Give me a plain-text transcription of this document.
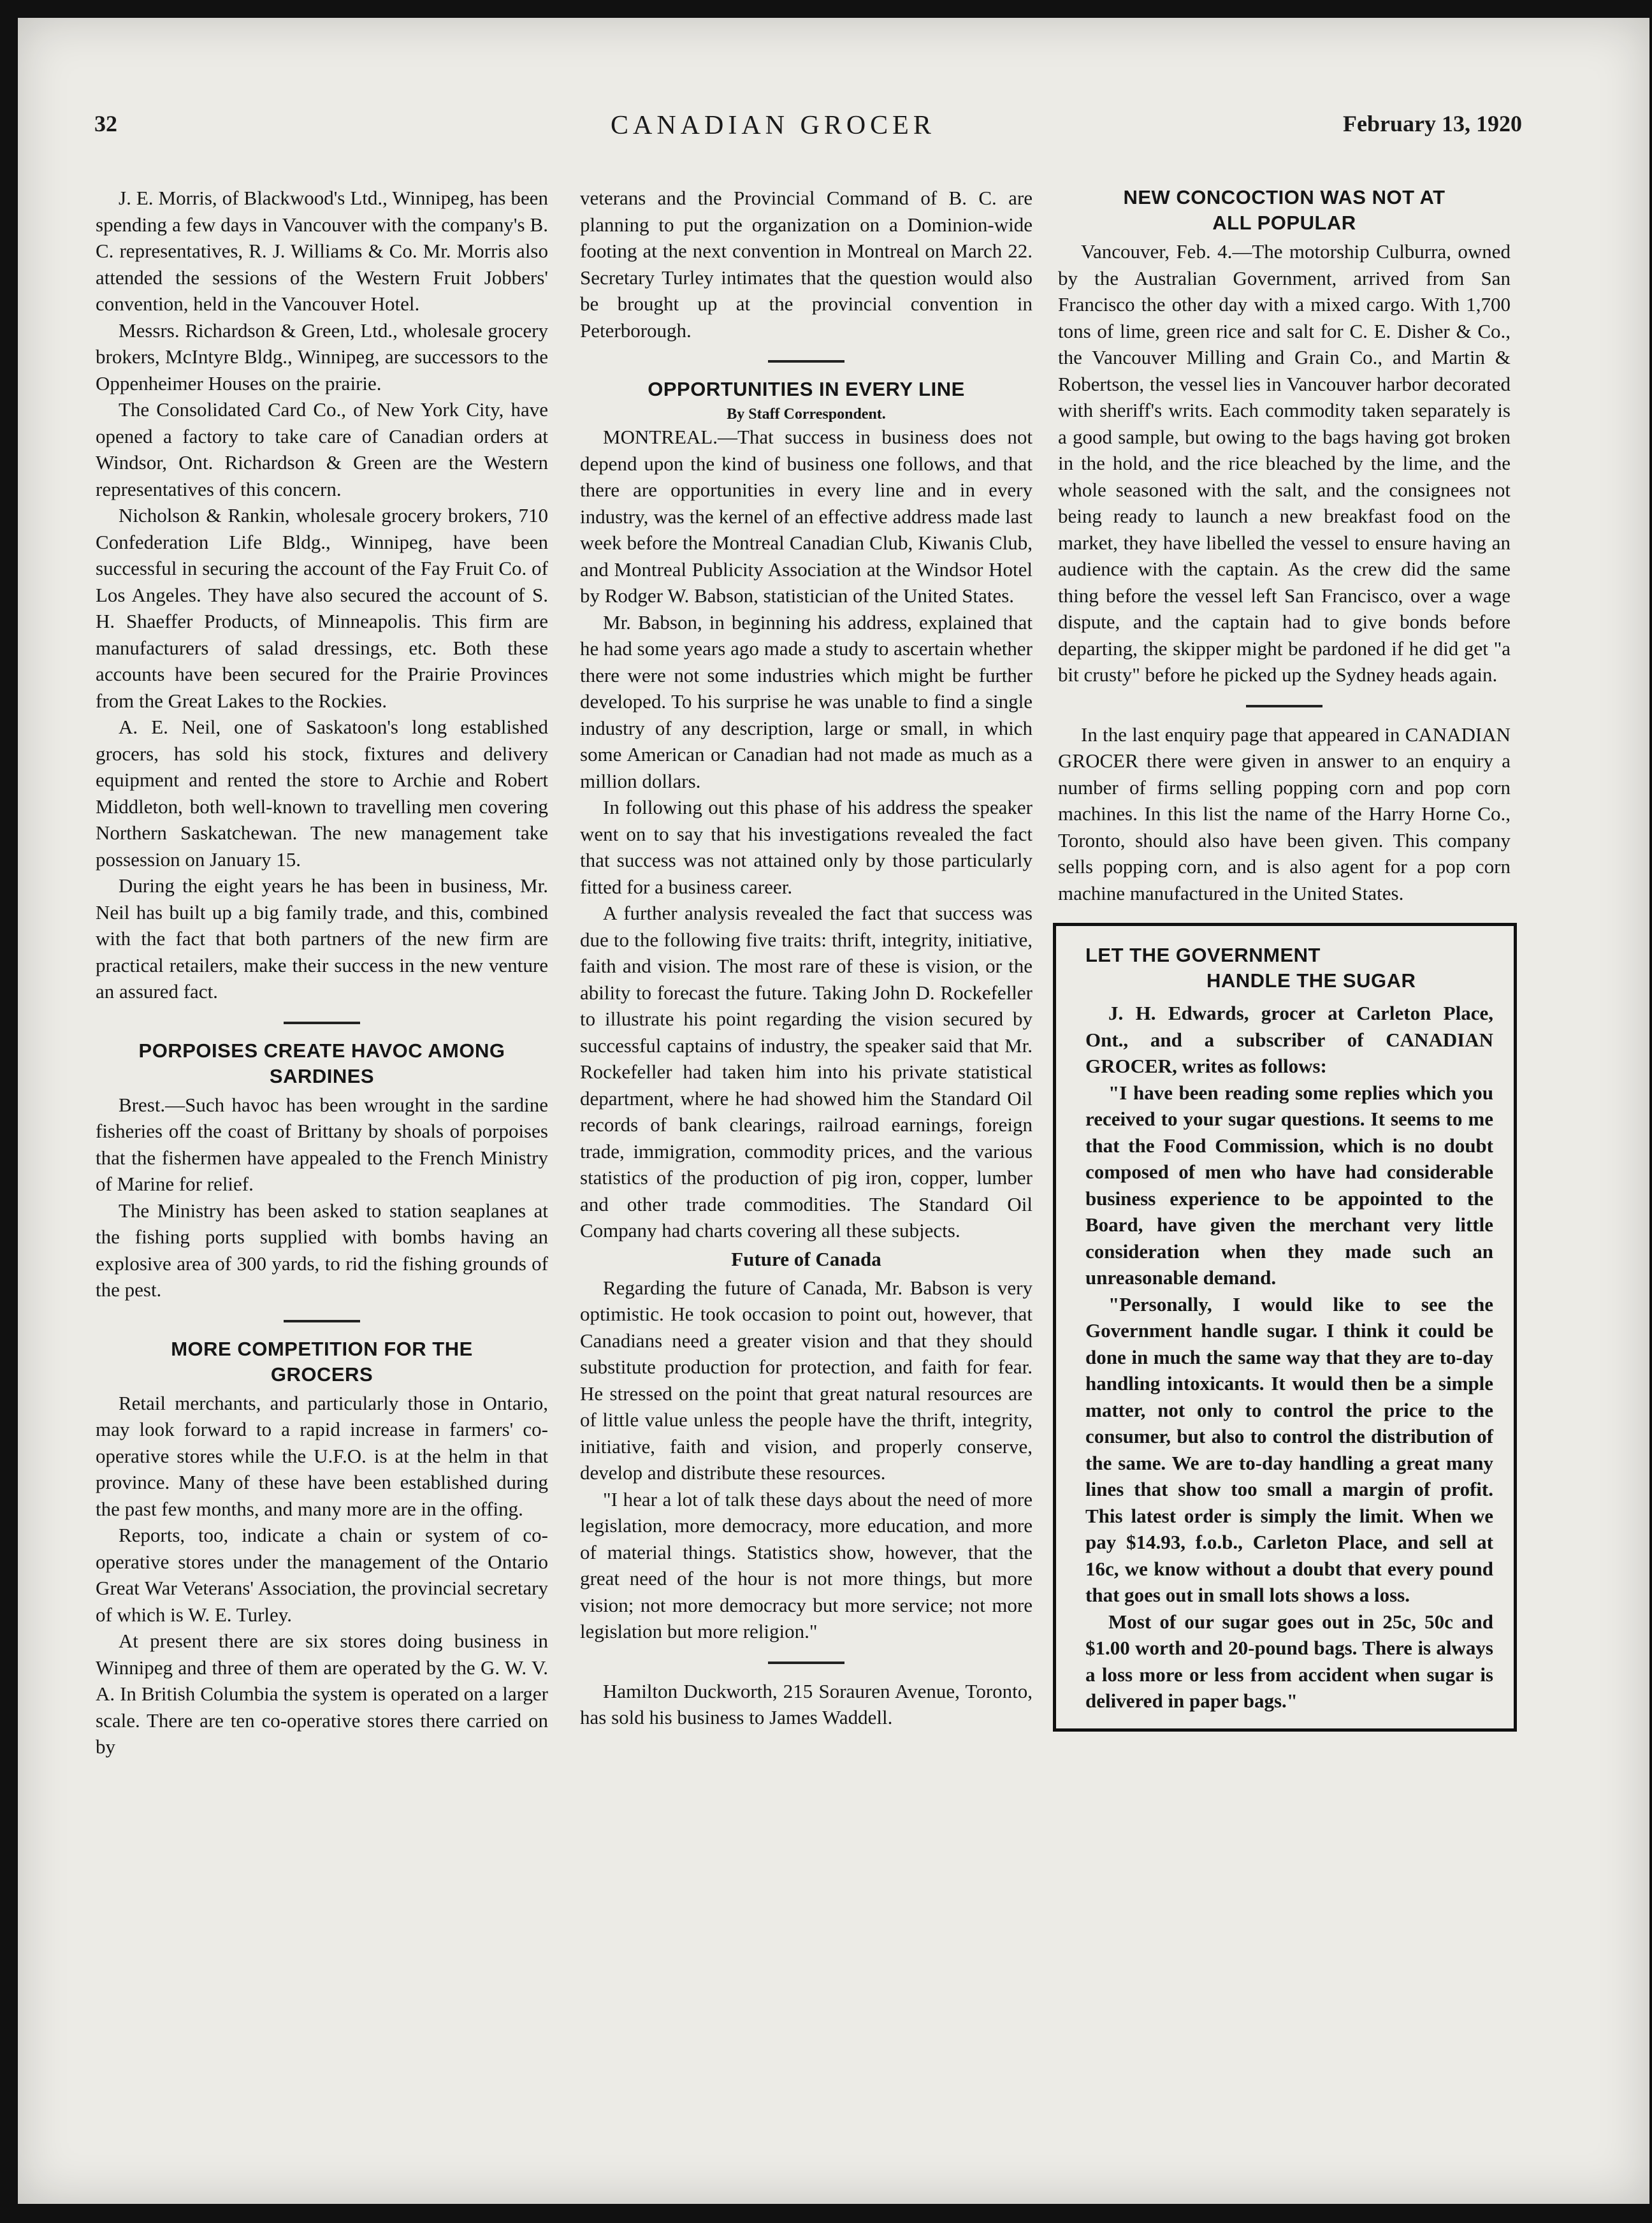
32	CANADIAN GROCER	February 13, 1920

J. E. Morris, of Blackwood's Ltd., Winnipeg, has been spending a few days in Vancouver with the company's B. C. representatives, R. J. Williams & Co. Mr. Morris also attended the sessions of the Western Fruit Jobbers' convention, held in the Vancouver Hotel.

Messrs. Richardson & Green, Ltd., wholesale grocery brokers, McIntyre Bldg., Winnipeg, are successors to the Oppenheimer Houses on the prairie.

The Consolidated Card Co., of New York City, have opened a factory to take care of Canadian orders at Windsor, Ont. Richardson & Green are the Western representatives of this concern.

Nicholson & Rankin, wholesale grocery brokers, 710 Confederation Life Bldg., Winnipeg, have been successful in securing the account of the Fay Fruit Co. of Los Angeles. They have also secured the account of S. H. Shaeffer Products, of Minneapolis. This firm are manufacturers of salad dressings, etc. Both these accounts have been secured for the Prairie Provinces from the Great Lakes to the Rockies.

A. E. Neil, one of Saskatoon's long established grocers, has sold his stock, fixtures and delivery equipment and rented the store to Archie and Robert Middleton, both well-known to travelling men covering Northern Saskatchewan. The new management take possession on January 15.

During the eight years he has been in business, Mr. Neil has built up a big family trade, and this, combined with the fact that both partners of the new firm are practical retailers, make their success in the new venture an assured fact.

PORPOISES CREATE HAVOC AMONG
SARDINES

Brest.—Such havoc has been wrought in the sardine fisheries off the coast of Brittany by shoals of porpoises that the fishermen have appealed to the French Ministry of Marine for relief.

The Ministry has been asked to station seaplanes at the fishing ports supplied with bombs having an explosive area of 300 yards, to rid the fishing grounds of the pest.

MORE COMPETITION FOR THE
GROCERS

Retail merchants, and particularly those in Ontario, may look forward to a rapid increase in farmers' co-operative stores while the U.F.O. is at the helm in that province. Many of these have been established during the past few months, and many more are in the offing.

Reports, too, indicate a chain or system of co-operative stores under the management of the Ontario Great War Veterans' Association, the provincial secretary of which is W. E. Turley.

At present there are six stores doing business in Winnipeg and three of them are operated by the G. W. V. A. In British Columbia the system is operated on a larger scale. There are ten co-operative stores there carried on by

veterans and the Provincial Command of B. C. are planning to put the organization on a Dominion-wide footing at the next convention in Montreal on March 22. Secretary Turley intimates that the question would also be brought up at the provincial convention in Peterborough.

OPPORTUNITIES IN EVERY LINE
By Staff Correspondent.

MONTREAL.—That success in business does not depend upon the kind of business one follows, and that there are opportunities in every line and in every industry, was the kernel of an effective address made last week before the Montreal Canadian Club, Kiwanis Club, and Montreal Publicity Association at the Windsor Hotel by Rodger W. Babson, statistician of the United States.

Mr. Babson, in beginning his address, explained that he had some years ago made a study to ascertain whether there were not some industries which might be further developed. To his surprise he was unable to find a single industry of any description, large or small, in which some American or Canadian had not made as much as a million dollars.

In following out this phase of his address the speaker went on to say that his investigations revealed the fact that success was not attained only by those particularly fitted for a business career.

A further analysis revealed the fact that success was due to the following five traits: thrift, integrity, initiative, faith and vision. The most rare of these is vision, or the ability to forecast the future. Taking John D. Rockefeller to illustrate his point regarding the vision secured by successful captains of industry, the speaker said that Mr. Rockefeller had taken him into his private statistical department, where he had showed him the Standard Oil records of bank clearings, railroad earnings, foreign trade, immigration, commodity prices, and the various statistics of the production of pig iron, copper, lumber and other trade commodities. The Standard Oil Company had charts covering all these subjects.

Future of Canada

Regarding the future of Canada, Mr. Babson is very optimistic. He took occasion to point out, however, that Canadians need a greater vision and that they should substitute production for protection, and faith for fear. He stressed on the point that great natural resources are of little value unless the people have the thrift, integrity, initiative, faith and vision, and properly conserve, develop and distribute these resources.

"I hear a lot of talk these days about the need of more legislation, more democracy, more education, and more of material things. Statistics show, however, that the great need of the hour is not more things, but more vision; not more democracy but more service; not more legislation but more religion."

Hamilton Duckworth, 215 Sorauren Avenue, Toronto, has sold his business to James Waddell.

NEW CONCOCTION WAS NOT AT
ALL POPULAR

Vancouver, Feb. 4.—The motorship Culburra, owned by the Australian Government, arrived from San Francisco the other day with a mixed cargo. With 1,700 tons of lime, green rice and salt for C. E. Disher & Co., the Vancouver Milling and Grain Co., and Martin & Robertson, the vessel lies in Vancouver harbor decorated with sheriff's writs. Each commodity taken separately is a good sample, but owing to the bags having got broken in the hold, and the rice bleached by the lime, and the whole seasoned with the salt, and the consignees not being ready to launch a new breakfast food on the market, they have libelled the vessel to ensure having an audience with the captain. As the crew did the same thing before the vessel left San Francisco, over a wage dispute, and the captain had to give bonds before departing, the skipper might be pardoned if he did get "a bit crusty" before he picked up the Sydney heads again.

In the last enquiry page that appeared in CANADIAN GROCER there were given in answer to an enquiry a number of firms selling popping corn and pop corn machines. In this list the name of the Harry Horne Co., Toronto, should also have been given. This company sells popping corn, and is also agent for a pop corn machine manufactured in the United States.

LET THE GOVERNMENT
HANDLE THE SUGAR

J. H. Edwards, grocer at Carleton Place, Ont., and a subscriber of CANADIAN GROCER, writes as follows:

"I have been reading some replies which you received to your sugar questions. It seems to me that the Food Commission, which is no doubt composed of men who have had considerable business experience to be appointed to the Board, have given the merchant very little consideration when they made such an unreasonable demand.

"Personally, I would like to see the Government handle sugar. I think it could be done in much the same way that they are to-day handling intoxicants. It would then be a simple matter, not only to control the price to the consumer, but also to control the distribution of the same. We are to-day handling a great many lines that show too small a margin of profit. This latest order is simply the limit. When we pay $14.93, f.o.b., Carleton Place, and sell at 16c, we know without a doubt that every pound that goes out in small lots shows a loss.

Most of our sugar goes out in 25c, 50c and $1.00 worth and 20-pound bags. There is always a loss more or less from accident when sugar is delivered in paper bags."
